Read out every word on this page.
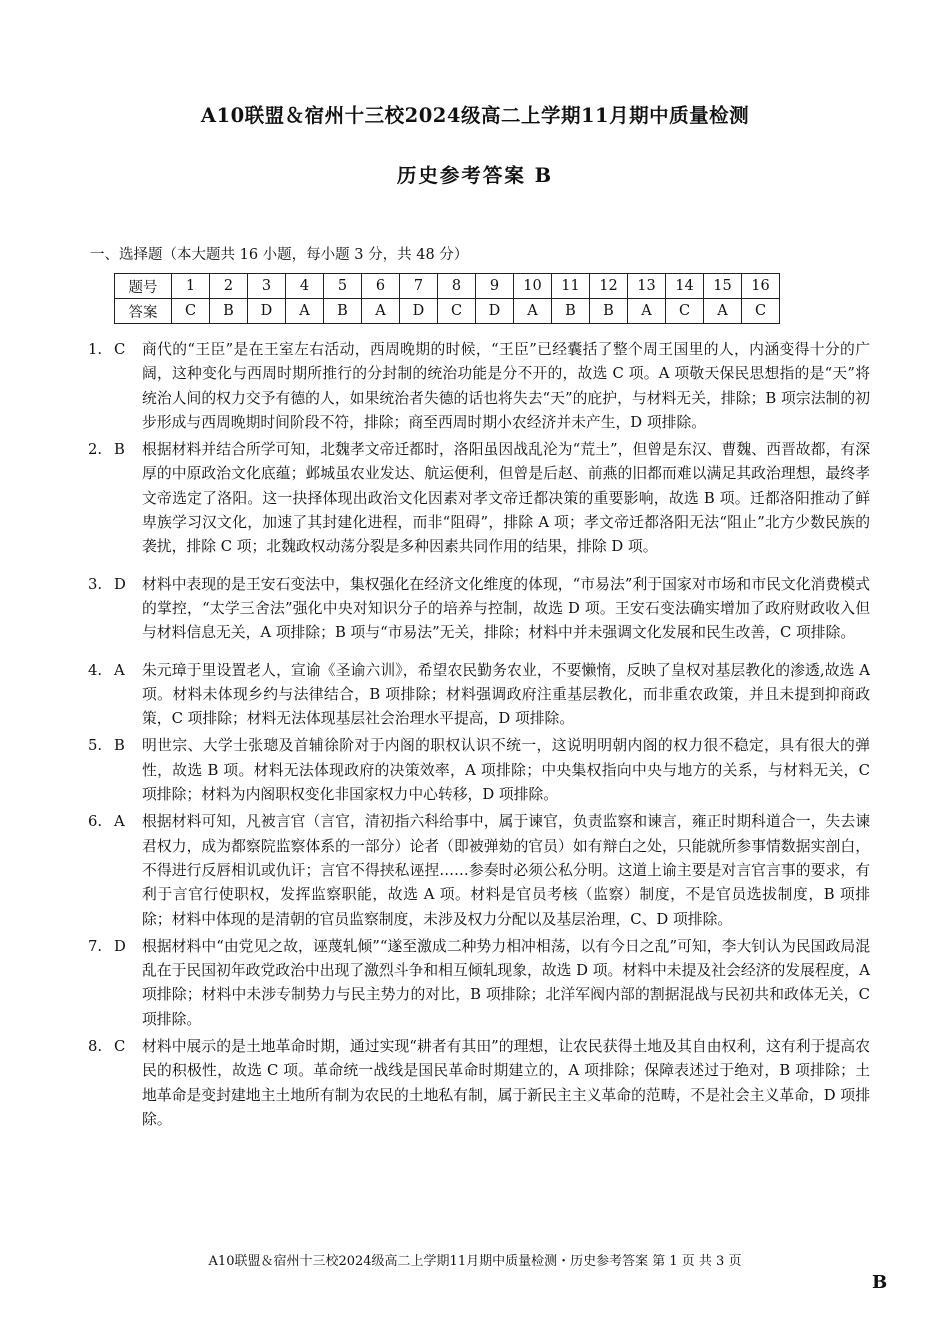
A10联盟＆宿州十三校2024级高二上学期11月期中质量检测
历史参考答案 B
一、选择题（本大题共 16 小题，每小题 3 分，共 48 分）
题号	1	2	3	4	5	6	7	8	9	10	11	12	13	14	15	16
答案	C	B	D	A	B	A	D	C	D	A	B	B	A	C	A	C
1. C	商代的“王臣”是在王室左右活动，西周晚期的时候，“王臣”已经囊括了整个周王国里的人，内涵变得十分的广阔，这种变化与西周时期所推行的分封制的统治功能是分不开的，故选 C 项。A 项敬天保民思想指的是“天”将统治人间的权力交予有德的人，如果统治者失德的话也将失去“天”的庇护，与材料无关，排除；B 项宗法制的初步形成与西周晚期时间阶段不符，排除；商至西周时期小农经济并未产生，D 项排除。
2. B	根据材料并结合所学可知，北魏孝文帝迁都时，洛阳虽因战乱沦为“荒土”，但曾是东汉、曹魏、西晋故都，有深厚的中原政治文化底蕴；邺城虽农业发达、航运便利，但曾是后赵、前燕的旧都而难以满足其政治理想，最终孝文帝选定了洛阳。这一抉择体现出政治文化因素对孝文帝迁都决策的重要影响，故选 B 项。迁都洛阳推动了鲜卑族学习汉文化，加速了其封建化进程，而非“阻碍”，排除 A 项；孝文帝迁都洛阳无法“阻止”北方少数民族的袭扰，排除 C 项；北魏政权动荡分裂是多种因素共同作用的结果，排除 D 项。
3. D	材料中表现的是王安石变法中，集权强化在经济文化维度的体现，“市易法”利于国家对市场和市民文化消费模式的掌控，“太学三舍法”强化中央对知识分子的培养与控制，故选 D 项。王安石变法确实增加了政府财政收入但与材料信息无关，A 项排除；B 项与“市易法”无关，排除；材料中并未强调文化发展和民生改善，C 项排除。
4. A	朱元璋于里设置老人，宣谕《圣谕六训》，希望农民勤务农业，不要懒惰，反映了皇权对基层教化的渗透,故选 A 项。材料未体现乡约与法律结合，B 项排除；材料强调政府注重基层教化，而非重农政策，并且未提到抑商政策，C 项排除；材料无法体现基层社会治理水平提高，D 项排除。
5. B	明世宗、大学士张璁及首辅徐阶对于内阁的职权认识不统一，这说明明朝内阁的权力很不稳定，具有很大的弹性，故选 B 项。材料无法体现政府的决策效率，A 项排除；中央集权指向中央与地方的关系，与材料无关，C 项排除；材料为内阁职权变化非国家权力中心转移，D 项排除。
6. A	根据材料可知，凡被言官（言官，清初指六科给事中，属于谏官，负责监察和谏言，雍正时期科道合一，失去谏君权力，成为都察院监察体系的一部分）论者（即被弹劾的官员）如有辩白之处，只能就所参事情数据实剖白，不得进行反唇相讥或仇讦；言官不得挟私诬捏……参奏时必须公私分明。这道上谕主要是对言官言事的要求，有利于言官行使职权，发挥监察职能，故选 A 项。材料是官员考核（监察）制度，不是官员选拔制度，B 项排除；材料中体现的是清朝的官员监察制度，未涉及权力分配以及基层治理，C、D 项排除。
7. D	根据材料中“由党见之故，诬蔑轧倾”“遂至激成二种势力相冲相荡，以有今日之乱”可知，李大钊认为民国政局混乱在于民国初年政党政治中出现了激烈斗争和相互倾轧现象，故选 D 项。材料中未提及社会经济的发展程度，A 项排除；材料中未涉专制势力与民主势力的对比，B 项排除；北洋军阀内部的割据混战与民初共和政体无关，C 项排除。
8. C	材料中展示的是土地革命时期，通过实现“耕者有其田”的理想，让农民获得土地及其自由权利，这有利于提高农民的积极性，故选 C 项。革命统一战线是国民革命时期建立的，A 项排除；保障表述过于绝对，B 项排除；土地革命是变封建地主土地所有制为农民的土地私有制，属于新民主主义革命的范畴，不是社会主义革命，D 项排除。
A10联盟＆宿州十三校2024级高二上学期11月期中质量检测・历史参考答案 第 1 页 共 3 页
B
